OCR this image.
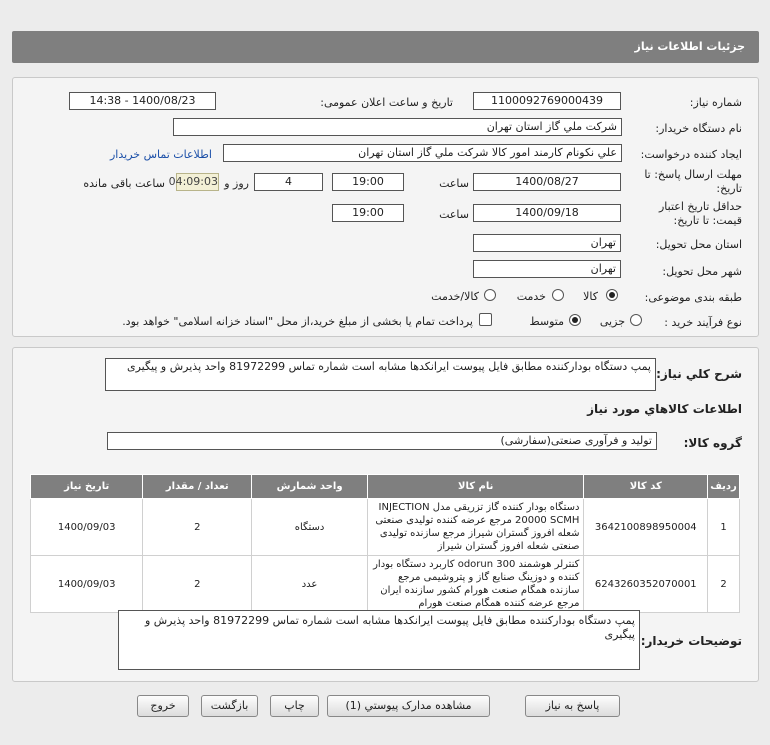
جزئيات اطلاعات نياز
شماره نياز:
1100092769000439
تاریخ و ساعت اعلان عمومی:
1400/08/23 - 14:38
نام دستگاه خريدار:
شرکت ملي گاز استان تهران
ايجاد کننده درخواست:
علي نکونام کارمند امور کالا شرکت ملي گاز استان تهران
اطلاعات تماس خريدار
مهلت ارسال پاسخ: تا
تاريخ:
1400/08/27
ساعت
19:00
4
روز و
04:09:03
ساعت باقی مانده
حداقل تاريخ اعتبار
قيمت: تا تاريخ:
1400/09/18
ساعت
19:00
استان محل تحويل:
تهران
شهر محل تحويل:
تهران
طبقه بندی موضوعی:
کالا
خدمت
کالا/خدمت
نوع فرآيند خريد :
جزیی
متوسط
پرداخت تمام یا بخشی از مبلغ خرید،از محل "اسناد خزانه اسلامی" خواهد بود.
شرح کلي نياز:
پمپ دستگاه بودارکننده مطابق فایل پیوست ایرانکدها مشابه است شماره تماس 81972299 واحد پذیرش و پیگیری
اطلاعات کالاهاي مورد نياز
گروه کالا:
تولید و فرآوری صنعتی(سفارشی)
رديف	کد کالا	نام کالا	واحد شمارش	تعداد / مقدار	تاريخ نياز
1	3642100898950004	دستگاه بودار کننده گاز تزریقی مدل INJECTION 20000 SCMH مرجع عرضه کننده تولیدی صنعتی شعله افروز گستران شیراز مرجع سازنده تولیدی صنعتی شعله افروز گستران شیراز	دستگاه	2	1400/09/03
2	6243260352070001	کنترلر هوشمند odorun 300 کاربرد دستگاه بودار کننده و دوزینگ صنایع گاز و پتروشیمی مرجع سازنده همگام صنعت هورام کشور سازنده ایران مرجع عرضه کننده همگام صنعت هورام	عدد	2	1400/09/03
توضيحات خريدار:
پمپ دستگاه بودارکننده مطابق فایل پیوست ایرانکدها مشابه است شماره تماس 81972299 واحد پذیرش و پیگیری
پاسخ به نياز
مشاهده مدارک پيوستي (1)
چاپ
بازگشت
خروج
